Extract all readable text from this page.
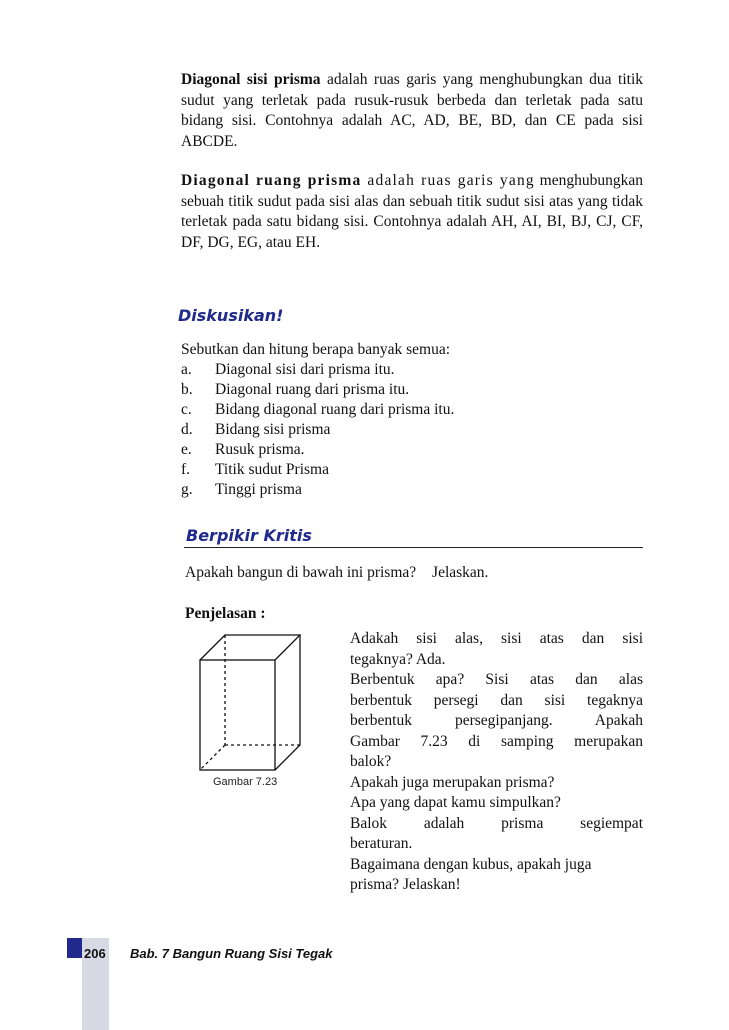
Diagonal sisi prisma adalah ruas garis yang menghubungkan dua titik sudut yang terletak pada rusuk-rusuk berbeda dan terletak pada satu bidang sisi. Contohnya adalah AC, AD, BE, BD, dan CE pada sisi ABCDE.
Diagonal ruang prisma adalah ruas garis yang menghubungkan sebuah titik sudut pada sisi alas dan sebuah titik sudut sisi atas yang tidak terletak pada satu bidang sisi. Contohnya adalah AH, AI, BI, BJ, CJ, CF, DF, DG, EG, atau EH.
Diskusikan!
Sebutkan dan hitung berapa banyak semua:
a.	Diagonal sisi dari prisma itu.
b.	Diagonal ruang dari prisma itu.
c.	Bidang diagonal ruang dari prisma itu.
d.	Bidang sisi prisma
e.	Rusuk prisma.
f.	Titik sudut Prisma
g.	Tinggi prisma
Berpikir Kritis
Apakah bangun di bawah ini prisma? Jelaskan.
Penjelasan :
Gambar 7.23
Adakah sisi alas, sisi atas dan sisi
tegaknya? Ada.
Berbentuk apa? Sisi atas dan alas
berbentuk persegi dan sisi tegaknya
berbentuk persegipanjang. Apakah
Gambar 7.23 di samping merupakan
balok?
Apakah juga merupakan prisma?
Apa yang dapat kamu simpulkan?
Balok adalah prisma segiempat
beraturan.
Bagaimana dengan kubus, apakah juga
prisma? Jelaskan!
206 Bab. 7 Bangun Ruang Sisi Tegak
